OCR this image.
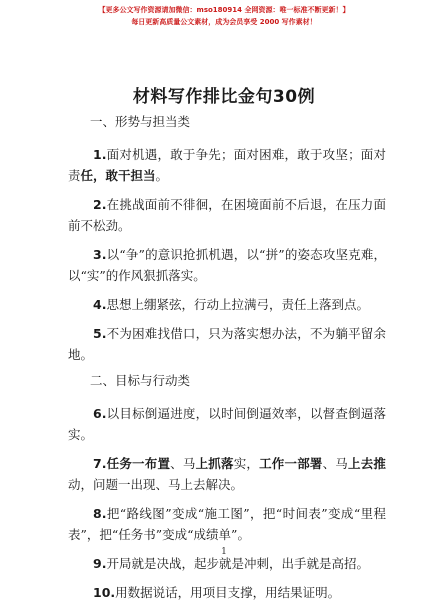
【更多公文写作资源请加微信：mso180914 全网资源：唯一标准不断更新！】
每日更新高质量公文素材，成为会员享受 2000 写作素材！
材料写作排比金句30例
一、形势与担当类

1.面对机遇，敢于争先；面对困难，敢于攻坚；面对责任，敢干担当。

2.在挑战面前不徘徊，在困境面前不后退，在压力面前不松劲。

3.以“争”的意识抢抓机遇，以“拼”的姿态攻坚克难，以“实”的作风狠抓落实。

4.思想上绷紧弦，行动上拉满弓，责任上落到点。

5.不为困难找借口，只为落实想办法，不为躺平留余地。

二、目标与行动类

6.以目标倒逼进度，以时间倒逼效率，以督查倒逼落实。

7.任务一布置、马上抓落实，工作一部署、马上去推动，问题一出现、马上去解决。

8.把“路线图”变成“施工图”，把“时间表”变成“里程表”，把“任务书”变成“成绩单”。

9.开局就是决战，起步就是冲刺，出手就是高招。

10.用数据说话，用项目支撑，用结果证明。

1
